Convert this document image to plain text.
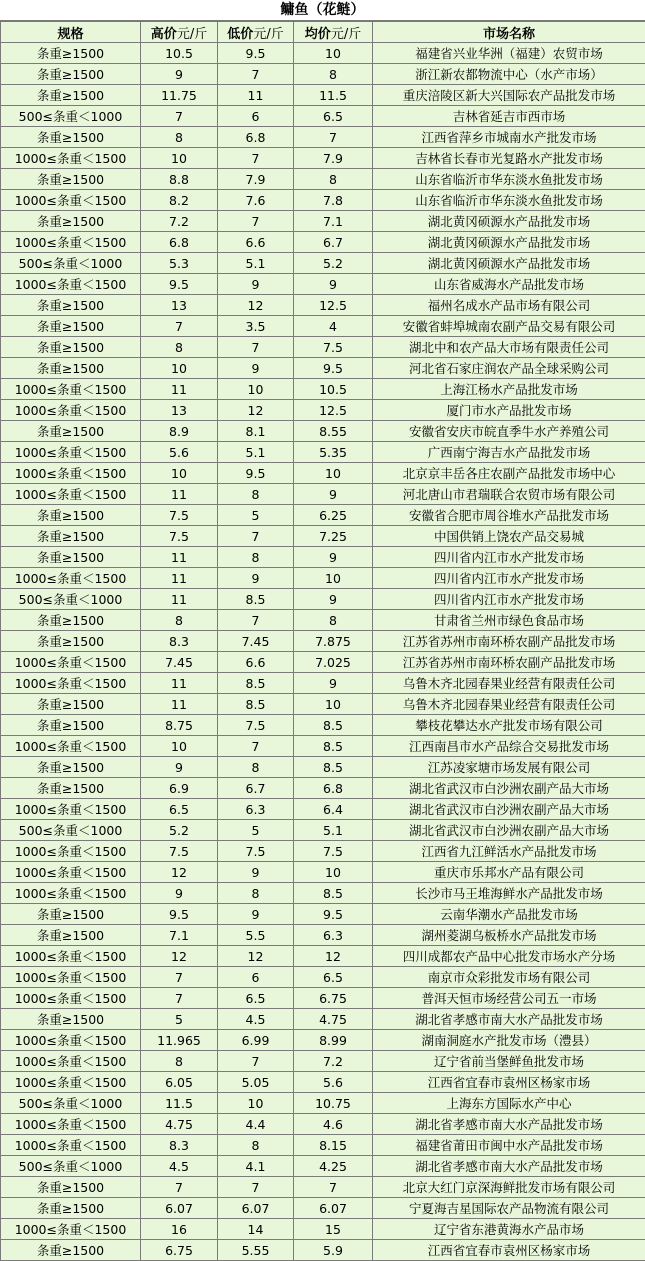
鳙鱼（花鲢）
规格	高价元/斤	低价元/斤	均价元/斤	市场名称
条重≥1500	10.5	9.5	10	福建省兴业华洲（福建）农贸市场
条重≥1500	9	7	8	浙江新农都物流中心（水产市场）
条重≥1500	11.75	11	11.5	重庆涪陵区新大兴国际农产品批发市场
500≤条重＜1000	7	6	6.5	吉林省延吉市西市场
条重≥1500	8	6.8	7	江西省萍乡市城南水产批发市场
1000≤条重＜1500	10	7	7.9	吉林省长春市光复路水产批发市场
条重≥1500	8.8	7.9	8	山东省临沂市华东淡水鱼批发市场
1000≤条重＜1500	8.2	7.6	7.8	山东省临沂市华东淡水鱼批发市场
条重≥1500	7.2	7	7.1	湖北黄冈硕源水产品批发市场
1000≤条重＜1500	6.8	6.6	6.7	湖北黄冈硕源水产品批发市场
500≤条重＜1000	5.3	5.1	5.2	湖北黄冈硕源水产品批发市场
1000≤条重＜1500	9.5	9	9	山东省威海水产品批发市场
条重≥1500	13	12	12.5	福州名成水产品市场有限公司
条重≥1500	7	3.5	4	安徽省蚌埠城南农副产品交易有限公司
条重≥1500	8	7	7.5	湖北中和农产品大市场有限责任公司
条重≥1500	10	9	9.5	河北省石家庄润农产品全球采购公司
1000≤条重＜1500	11	10	10.5	上海江杨水产品批发市场
1000≤条重＜1500	13	12	12.5	厦门市水产品批发市场
条重≥1500	8.9	8.1	8.55	安徽省安庆市皖直季牛水产养殖公司
1000≤条重＜1500	5.6	5.1	5.35	广西南宁海吉水产品批发市场
1000≤条重＜1500	10	9.5	10	北京京丰岳各庄农副产品批发市场中心
1000≤条重＜1500	11	8	9	河北唐山市君瑞联合农贸市场有限公司
条重≥1500	7.5	5	6.25	安徽省合肥市周谷堆水产品批发市场
条重≥1500	7.5	7	7.25	中国供销上饶农产品交易城
条重≥1500	11	8	9	四川省内江市水产批发市场
1000≤条重＜1500	11	9	10	四川省内江市水产批发市场
500≤条重＜1000	11	8.5	9	四川省内江市水产批发市场
条重≥1500	8	7	8	甘肃省兰州市绿色食品市场
条重≥1500	8.3	7.45	7.875	江苏省苏州市南环桥农副产品批发市场
1000≤条重＜1500	7.45	6.6	7.025	江苏省苏州市南环桥农副产品批发市场
1000≤条重＜1500	11	8.5	9	乌鲁木齐北园春果业经营有限责任公司
条重≥1500	11	8.5	10	乌鲁木齐北园春果业经营有限责任公司
条重≥1500	8.75	7.5	8.5	攀枝花攀达水产批发市场有限公司
1000≤条重＜1500	10	7	8.5	江西南昌市水产品综合交易批发市场
条重≥1500	9	8	8.5	江苏凌家塘市场发展有限公司
条重≥1500	6.9	6.7	6.8	湖北省武汉市白沙洲农副产品大市场
1000≤条重＜1500	6.5	6.3	6.4	湖北省武汉市白沙洲农副产品大市场
500≤条重＜1000	5.2	5	5.1	湖北省武汉市白沙洲农副产品大市场
1000≤条重＜1500	7.5	7.5	7.5	江西省九江鲜活水产品批发市场
1000≤条重＜1500	12	9	10	重庆市乐邦水产品有限公司
1000≤条重＜1500	9	8	8.5	长沙市马王堆海鲜水产品批发市场
条重≥1500	9.5	9	9.5	云南华潮水产品批发市场
条重≥1500	7.1	5.5	6.3	湖州菱湖乌板桥水产品批发市场
1000≤条重＜1500	12	12	12	四川成都农产品中心批发市场水产分场
1000≤条重＜1500	7	6	6.5	南京市众彩批发市场有限公司
1000≤条重＜1500	7	6.5	6.75	普洱天恒市场经营公司五一市场
条重≥1500	5	4.5	4.75	湖北省孝感市南大水产品批发市场
1000≤条重＜1500	11.965	6.99	8.99	湖南洞庭水产批发市场（澧县）
1000≤条重＜1500	8	7	7.2	辽宁省前当堡鲜鱼批发市场
1000≤条重＜1500	6.05	5.05	5.6	江西省宜春市袁州区杨家市场
500≤条重＜1000	11.5	10	10.75	上海东方国际水产中心
1000≤条重＜1500	4.75	4.4	4.6	湖北省孝感市南大水产品批发市场
1000≤条重＜1500	8.3	8	8.15	福建省莆田市闽中水产品批发市场
500≤条重＜1000	4.5	4.1	4.25	湖北省孝感市南大水产品批发市场
条重≥1500	7	7	7	北京大红门京深海鲜批发市场有限公司
条重≥1500	6.07	6.07	6.07	宁夏海吉星国际农产品物流有限公司
1000≤条重＜1500	16	14	15	辽宁省东港黄海水产品市场
条重≥1500	6.75	5.55	5.9	江西省宜春市袁州区杨家市场
